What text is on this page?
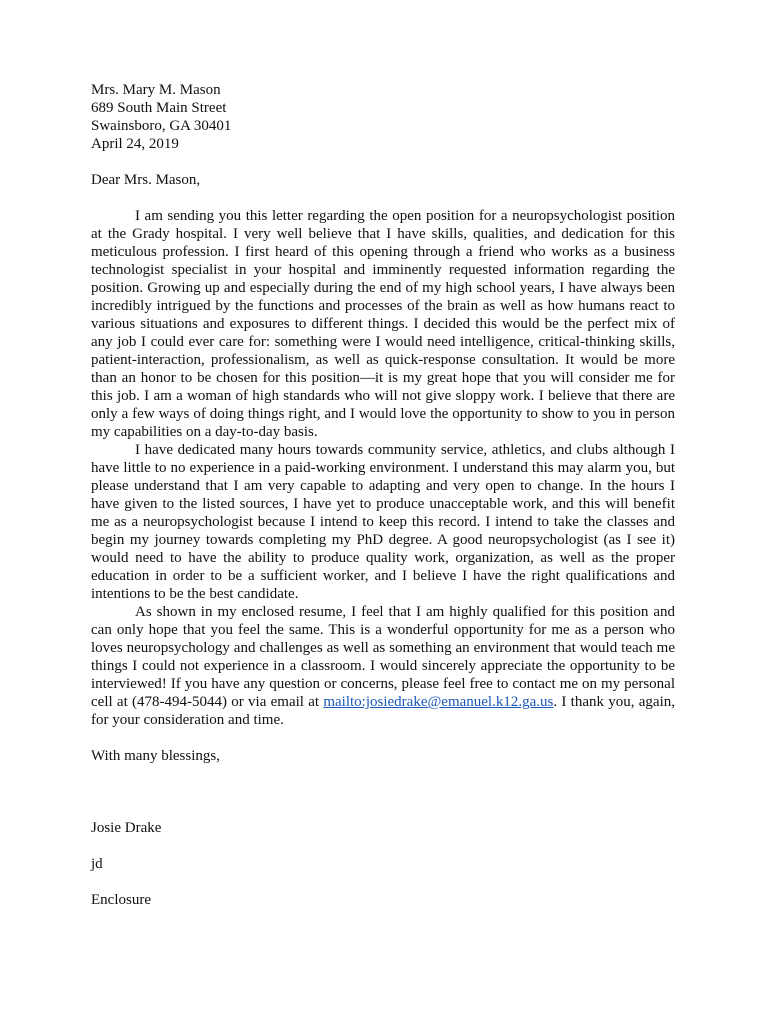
Mrs. Mary M. Mason
689 South Main Street
Swainsboro, GA 30401
April 24, 2019
Dear Mrs. Mason,

I am sending you this letter regarding the open position for a neuropsychologist position at the Grady hospital. I very well believe that I have skills, qualities, and dedication for this meticulous profession. I first heard of this opening through a friend who works as a business technologist specialist in your hospital and imminently requested information regarding the position. Growing up and especially during the end of my high school years, I have always been incredibly intrigued by the functions and processes of the brain as well as how humans react to various situations and exposures to different things. I decided this would be the perfect mix of any job I could ever care for: something were I would need intelligence, critical-thinking skills, patient-interaction, professionalism, as well as quick-response consultation. It would be more than an honor to be chosen for this position—it is my great hope that you will consider me for this job. I am a woman of high standards who will not give sloppy work. I believe that there are only a few ways of doing things right, and I would love the opportunity to show to you in person my capabilities on a day-to-day basis.

I have dedicated many hours towards community service, athletics, and clubs although I have little to no experience in a paid-working environment. I understand this may alarm you, but please understand that I am very capable to adapting and very open to change. In the hours I have given to the listed sources, I have yet to produce unacceptable work, and this will benefit me as a neuropsychologist because I intend to keep this record. I intend to take the classes and begin my journey towards completing my PhD degree. A good neuropsychologist (as I see it) would need to have the ability to produce quality work, organization, as well as the proper education in order to be a sufficient worker, and I believe I have the right qualifications and intentions to be the best candidate.

As shown in my enclosed resume, I feel that I am highly qualified for this position and can only hope that you feel the same. This is a wonderful opportunity for me as a person who loves neuropsychology and challenges as well as something an environment that would teach me things I could not experience in a classroom. I would sincerely appreciate the opportunity to be interviewed! If you have any question or concerns, please feel free to contact me on my personal cell at (478-494-5044) or via email at mailto:josiedrake@emanuel.k12.ga.us. I thank you, again, for your consideration and time.

With many blessings,
Josie Drake
jd
Enclosure
